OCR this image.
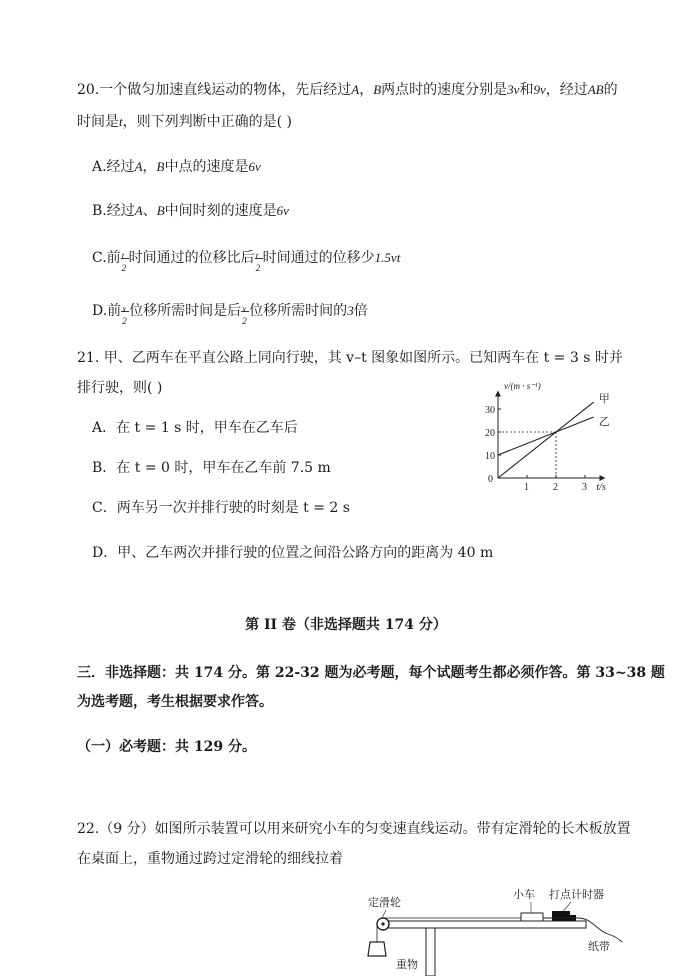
20.一个做匀加速直线运动的物体，先后经过A，B两点时的速度分别是3v和9v，经过AB的
时间是t，则下列判断中正确的是( )
A.经过A，B中点的速度是6v
B.经过A、B中间时刻的速度是6v
C.前 t
2
时间通过的位移比后 t
2
时间通过的位移少1.5vt
D.前 x
2
位移所需时间是后 x
2
位移所需时间的3倍
21. 甲、乙两车在平直公路上同向行驶，其 v–t 图象如图所示。已知两车在 t = 3 s 时并
排行驶，则( )
A．在 t = 1 s 时，甲车在乙车后
B．在 t = 0 时，甲车在乙车前 7.5 m
C．两车另一次并排行驶的时刻是 t = 2 s
D．甲、乙车两次并排行驶的位置之间沿公路方向的距离为 40 m
v/(m · s⁻¹)
t/s
0
1 2 3
10
20
30
甲
乙
第 II 卷（非选择题共 174 分）
三．非选择题：共 174 分。第 22-32 题为必考题，每个试题考生都必须作答。第 33~38 题
为选考题，考生根据要求作答。
（一）必考题：共 129 分。
22.（9 分）如图所示装置可以用来研究小车的匀变速直线运动。带有定滑轮的长木板放置
在桌面上，重物通过跨过定滑轮的细线拉着
定滑轮
小车 打点计时器
重物
纸带
